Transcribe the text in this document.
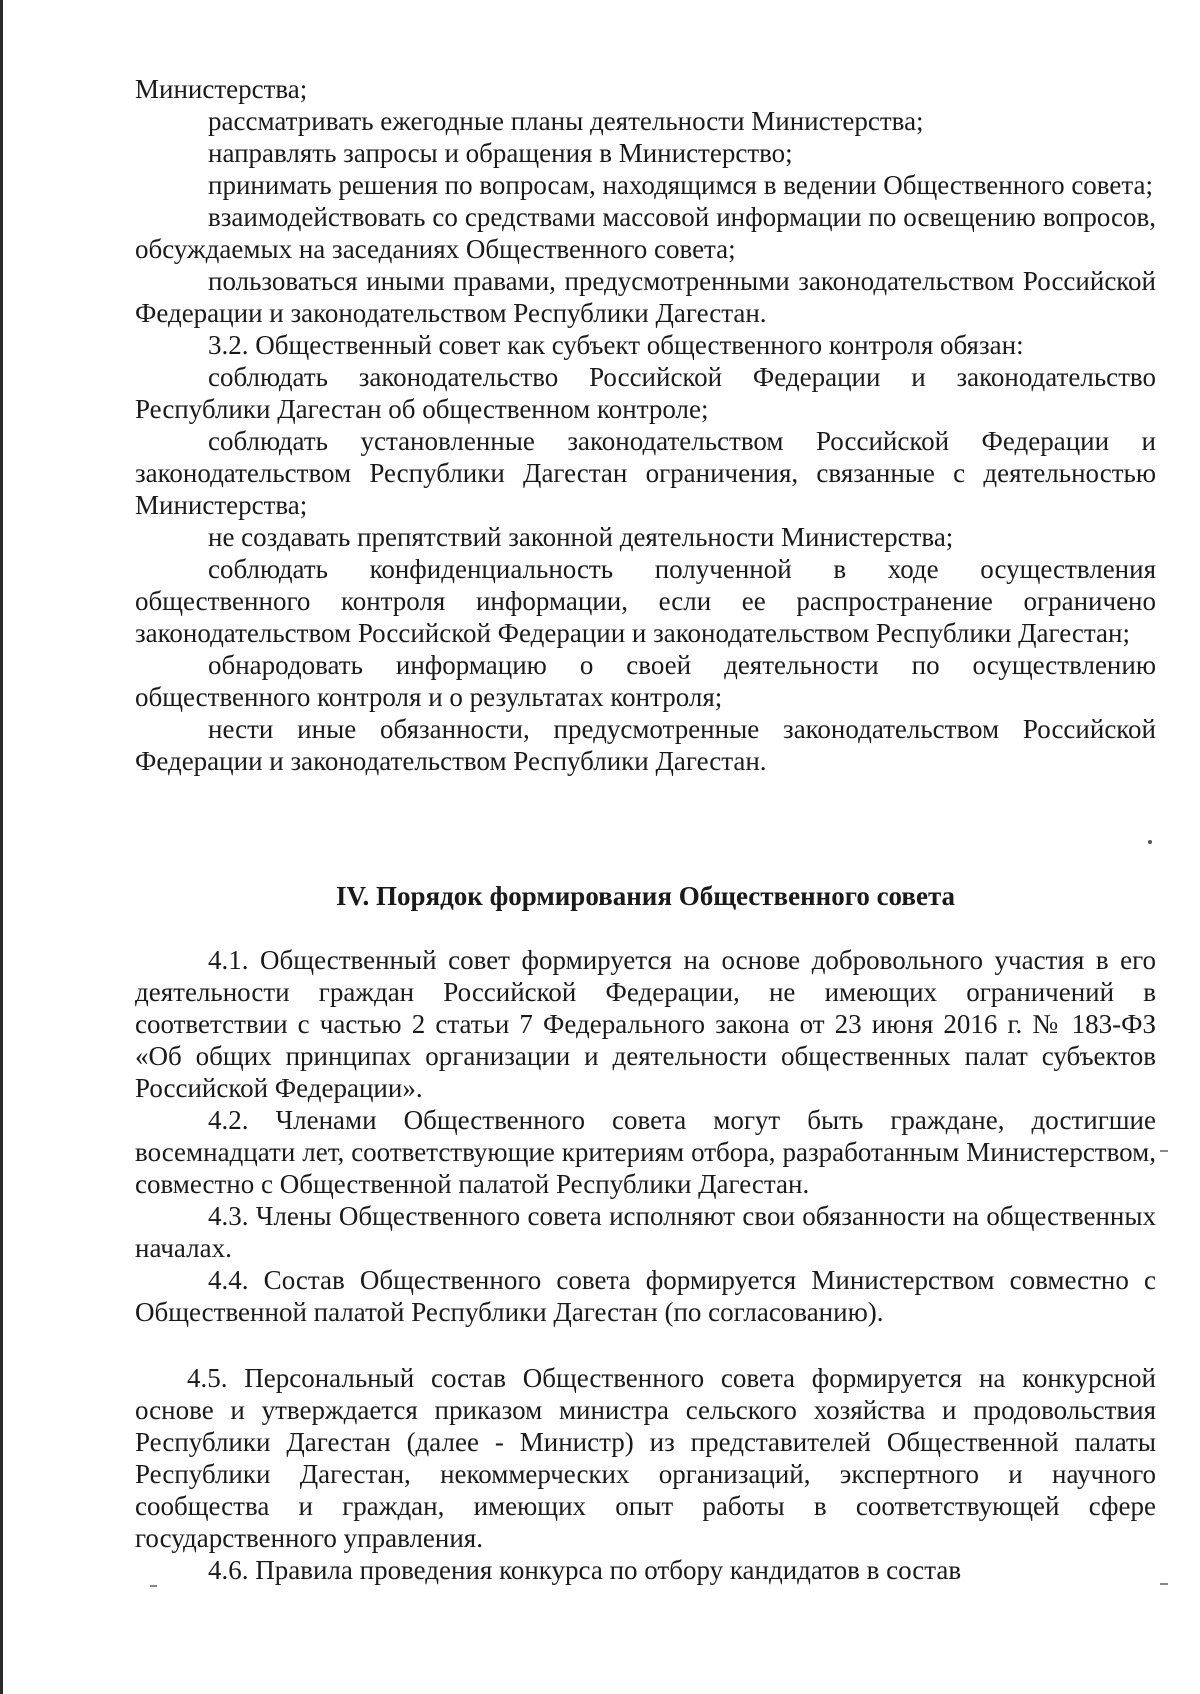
Министерства;

рассматривать ежегодные планы деятельности Министерства;

направлять запросы и обращения в Министерство;

принимать решения по вопросам, находящимся в ведении Общественного совета;

взаимодействовать со средствами массовой информации по освещению вопросов, обсуждаемых на заседаниях Общественного совета;

пользоваться иными правами, предусмотренными законодательством Российской Федерации и законодательством Республики Дагестан.

3.2. Общественный совет как субъект общественного контроля обязан:

соблюдать законодательство Российской Федерации и законодательство Республики Дагестан об общественном контроле;

соблюдать установленные законодательством Российской Федерации и законодательством Республики Дагестан ограничения, связанные с деятельностью Министерства;

не создавать препятствий законной деятельности Министерства;

соблюдать конфиденциальность полученной в ходе осуществления общественного контроля информации, если ее распространение ограничено законодательством Российской Федерации и законодательством Республики Дагестан;

обнародовать информацию о своей деятельности по осуществлению общественного контроля и о результатах контроля;

нести иные обязанности, предусмотренные законодательством Российской Федерации и законодательством Республики Дагестан.

IV. Порядок формирования Общественного совета

4.1. Общественный совет формируется на основе добровольного участия в его деятельности граждан Российской Федерации, не имеющих ограничений в соответствии с частью 2 статьи 7 Федерального закона от 23 июня 2016 г. № 183-ФЗ «Об общих принципах организации и деятельности общественных палат субъектов Российской Федерации».

4.2. Членами Общественного совета могут быть граждане, достигшие восемнадцати лет, соответствующие критериям отбора, разработанным Министерством, совместно с Общественной палатой Республики Дагестан.

4.3. Члены Общественного совета исполняют свои обязанности на общественных началах.

4.4. Состав Общественного совета формируется Министерством совместно с Общественной палатой Республики Дагестан (по согласованию).

4.5. Персональный состав Общественного совета формируется на конкурсной основе и утверждается приказом министра сельского хозяйства и продовольствия Республики Дагестан (далее - Министр) из представителей Общественной палаты Республики Дагестан, некоммерческих организаций, экспертного и научного сообщества и граждан, имеющих опыт работы в соответствующей сфере государственного управления.

4.6. Правила проведения конкурса по отбору кандидатов в состав
